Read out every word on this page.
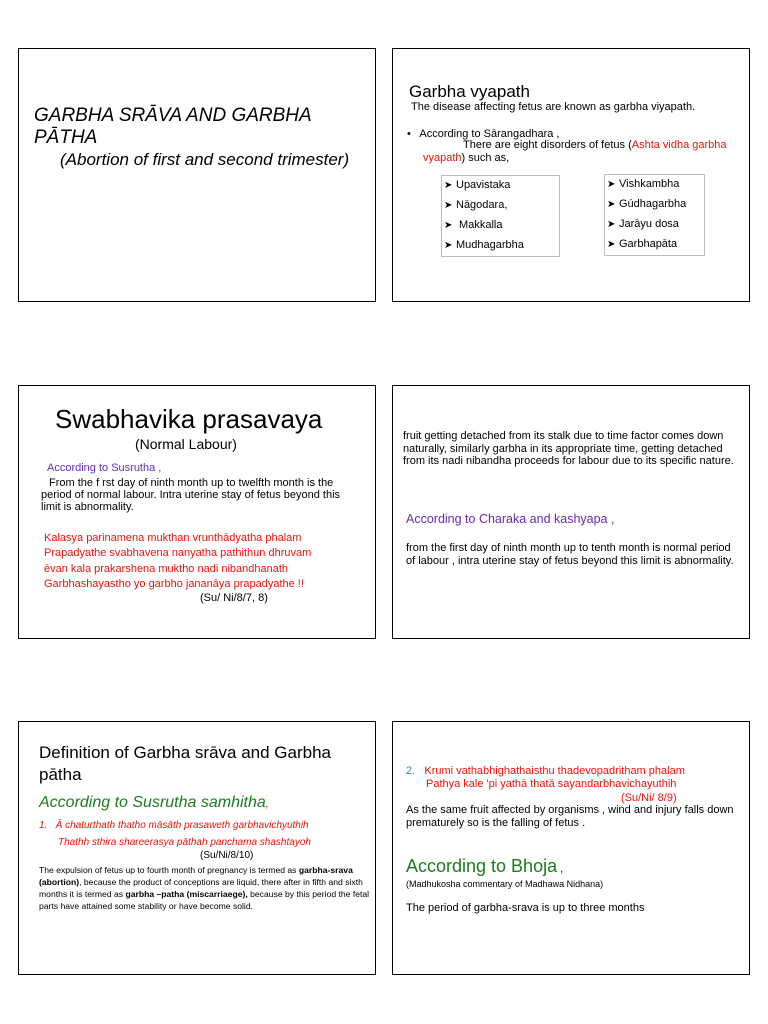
GARBHA SRĀVA AND GARBHA PĀTHA
(Abortion of first and second trimester)
Garbha vyapath
The disease affecting fetus are known as garbha viyapath.
• According to Sārangadhara ,
There are eight disorders of fetus (Ashta vidha garbha vyapath) such as,
➤ Upavistaka
➤ Nāgodara,
➤ Makkalla
➤ Mudhagarbha
➤ Vishkambha
➤ Gúdhagarbha
➤ Jarāyu dosa
➤ Garbhapāta
Swabhavika prasavaya
(Normal Labour)
According to Susrutha ,
From the f rst day of ninth month up to twelfth month is the period of normal labour. Intra uterine stay of fetus beyond this limit is abnormality.
Kalasya parinamena mukthan vrunthādyatha phalam
Prapadyathe svabhavena nanyatha pathithun dhruvam
ēvan kala prakarshena muktho nadi nibandhanath
Garbhashayastho yo garbho jananāya prapadyathe !!
(Su/ Ni/8/7, 8)
fruit getting detached from its stalk due to time factor comes down naturally, similarly garbha in its appropriate time, getting detached from its nadi nibandha proceeds for labour due to its specific nature.
According to Charaka and kashyapa ,
from the first day of ninth month up to tenth month is normal period of labour , intra uterine stay of fetus beyond this limit is abnormality.
Definition of Garbha srāva and Garbha pātha
According to Susrutha samhitha,
1. Ā chaturthath thatho māsāth prasaweth garbhavichyuthih
Thathh sthira shareerasya pāthah panchama shashtayoh
(Su/Ni/8/10)
The expulsion of fetus up to fourth month of pregnancy is termed as garbha-srava (abortion), because the product of conceptions are liquid, there after in fifth and sixth months it is termed as garbha –patha (miscarriaege), because by this period the fetal parts have attained some stability or have become solid.
2. Krumi vathabhighathaisthu thadevopadritham phalam
Pathya kale 'pi yathā thatā sayandarbhavichayuthih
(Su/Ni/ 8/9)
As the same fruit affected by organisms , wind and injury falls down prematurely so is the falling of fetus .
According to Bhoja ,
(Madhukosha commentary of Madhawa Nidhana)
The period of garbha-srava is up to three months
